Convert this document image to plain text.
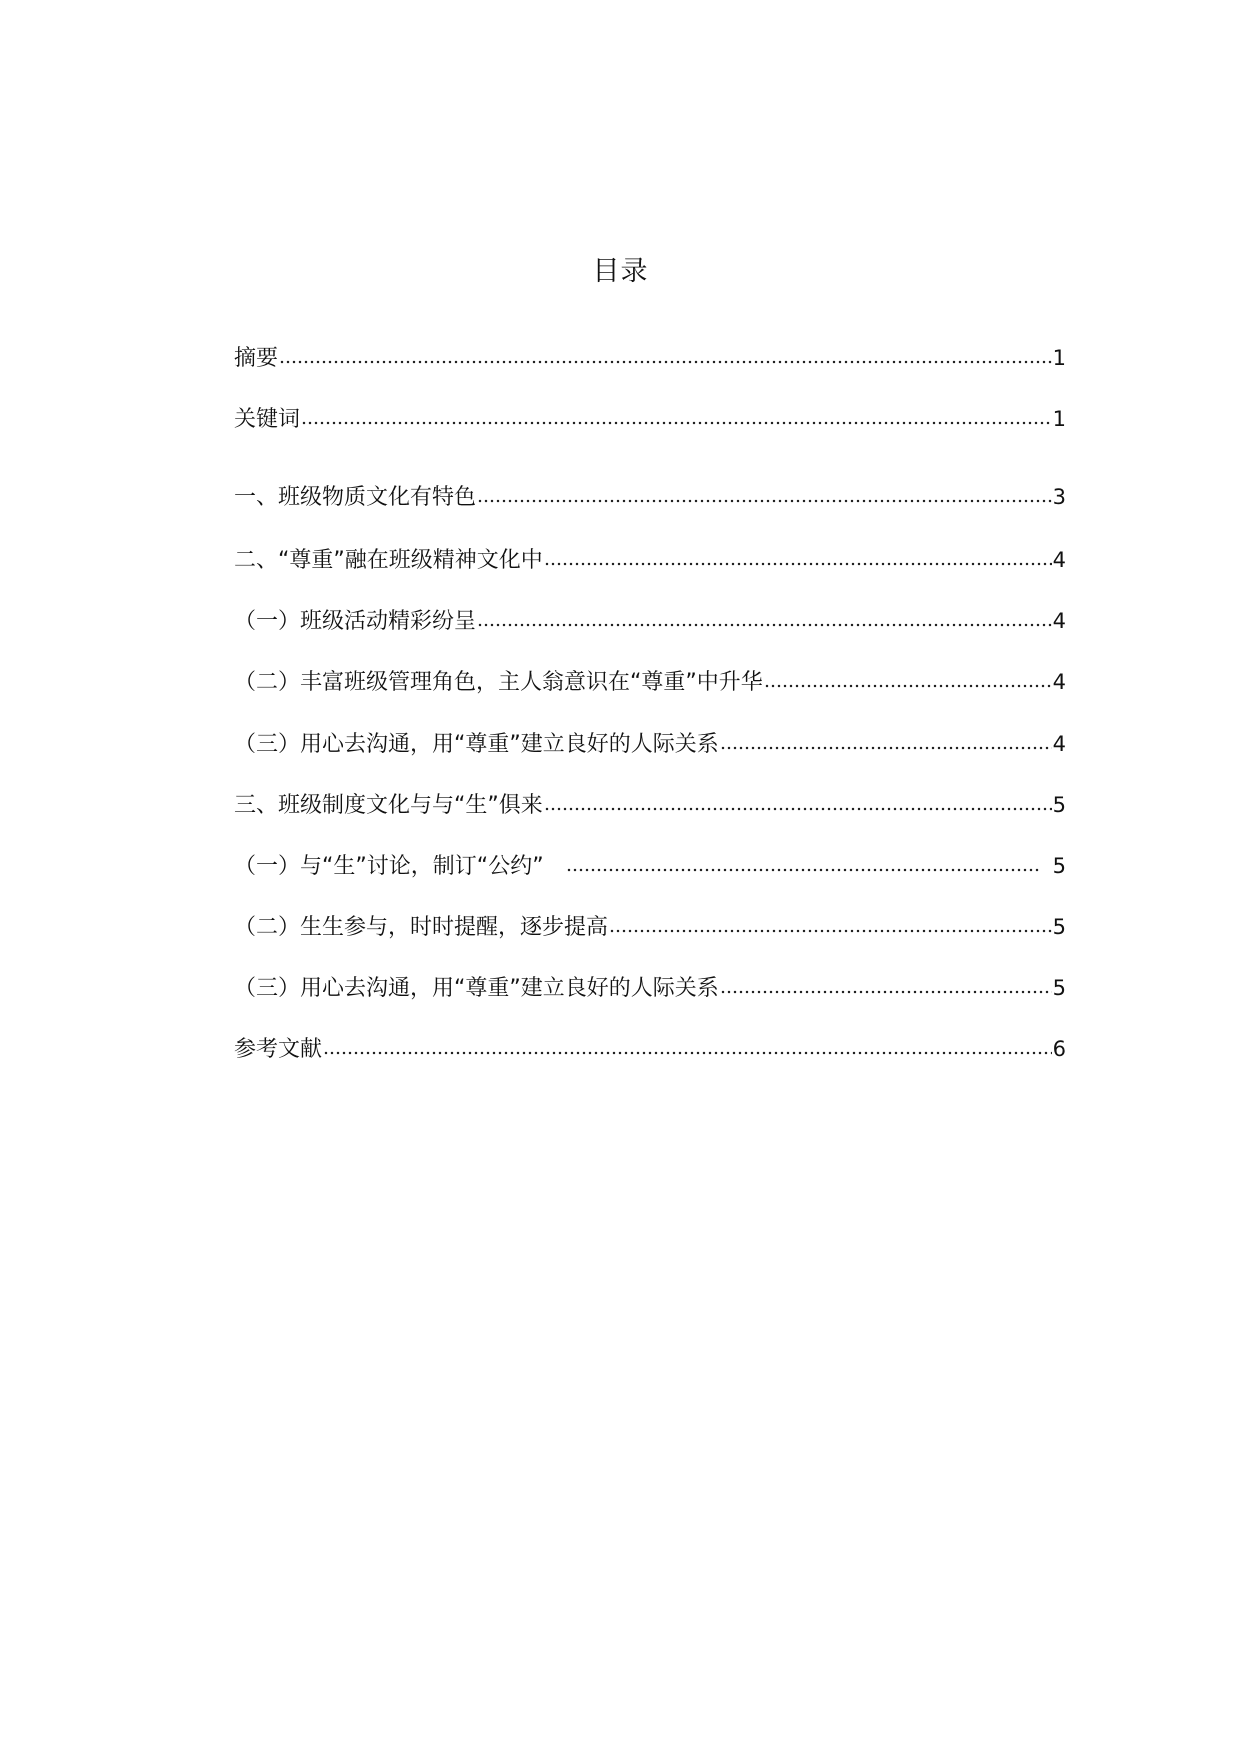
目录
摘要	1
关键词	1
一、班级物质文化有特色	3
二、“尊重”融在班级精神文化中	4
（一）班级活动精彩纷呈	4
（二）丰富班级管理角色，主人翁意识在“尊重”中升华	4
（三）用心去沟通，用“尊重”建立良好的人际关系	4
三、班级制度文化与与“生”俱来	5
（一）与“生”讨论，制订“公约”	5
（二）生生参与，时时提醒，逐步提高	5
（三）用心去沟通，用“尊重”建立良好的人际关系	5
参考文献	6
